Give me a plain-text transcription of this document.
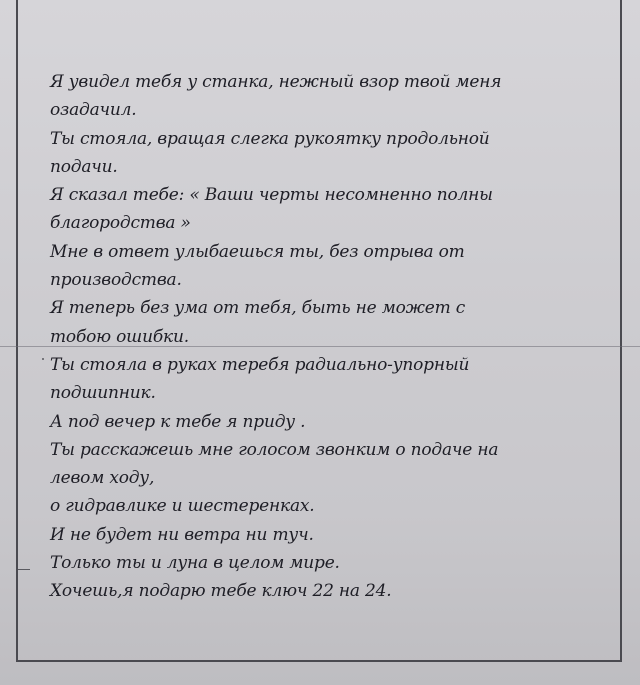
Я увидел тебя у станка, нежный взор твой меня
озадачил.
Ты стояла, вращая слегка рукоятку продольной
подачи.
Я сказал тебе: « Ваши черты несомненно полны
благородства »
Мне в ответ улыбаешься ты, без отрыва от
производства.
Я теперь без ума от тебя, быть не может с
тобою ошибки.
Ты стояла в руках теребя радиально-упорный
подшипник.
А под вечер к тебе я приду .
Ты расскажешь мне голосом звонким о подаче на
левом ходу,
о гидравлике и шестеренках.
И не будет ни ветра ни туч.
Только ты и луна в целом мире.
Хочешь,я подарю тебе ключ 22 на 24.
